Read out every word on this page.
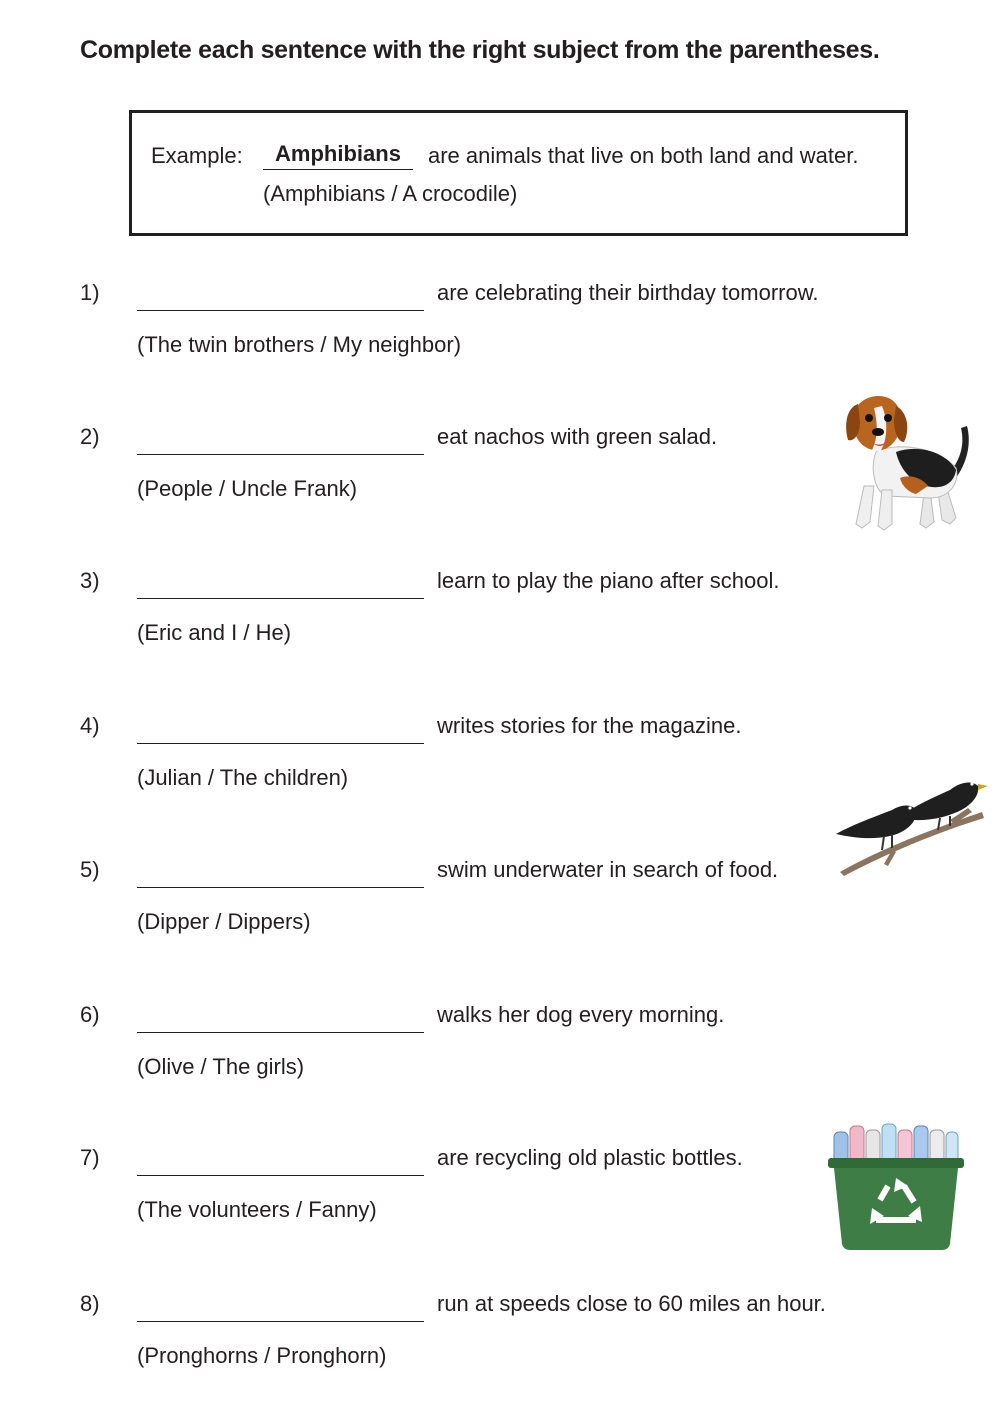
Complete each sentence with the right subject from the parentheses.
Example:	Amphibians	are animals that live on both land and water.
(Amphibians / A crocodile)
1)	are celebrating their birthday tomorrow.
(The twin brothers / My neighbor)
2)	eat nachos with green salad.
(People / Uncle Frank)
3)	learn to play the piano after school.
(Eric and I / He)
4)	writes stories for the magazine.
(Julian / The children)
5)	swim underwater in search of food.
(Dipper / Dippers)
6)	walks her dog every morning.
(Olive / The girls)
7)	are recycling old plastic bottles.
(The volunteers / Fanny)
8)	run at speeds close to 60 miles an hour.
(Pronghorns / Pronghorn)
